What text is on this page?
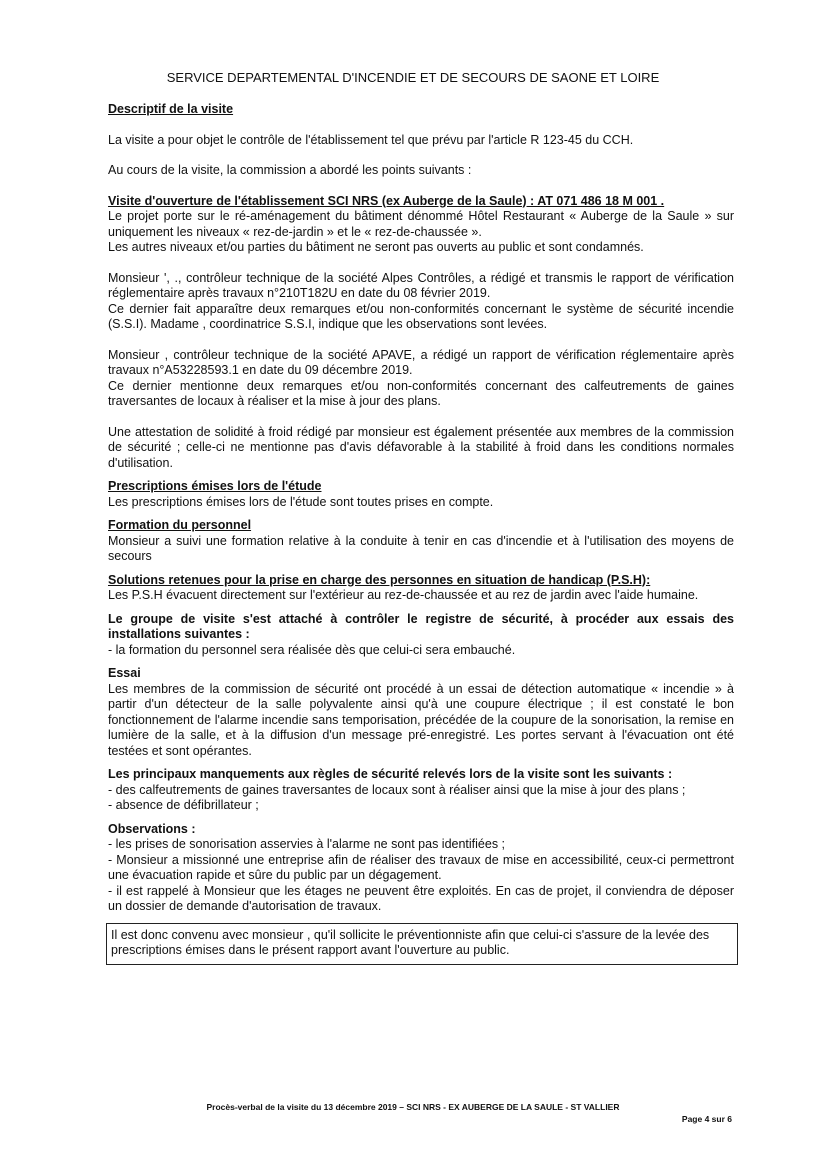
SERVICE DEPARTEMENTAL D'INCENDIE ET DE SECOURS DE SAONE ET LOIRE

Descriptif de la visite

La visite a pour objet le contrôle de l'établissement tel que prévu par l'article R 123-45 du CCH.

Au cours de la visite, la commission a abordé les points suivants :

Visite d'ouverture de l'établissement SCI NRS (ex Auberge de la Saule) : AT 071 486 18 M 001 .

Le projet porte sur le ré-aménagement du bâtiment dénommé Hôtel Restaurant « Auberge de la Saule » sur uniquement les niveaux « rez-de-jardin » et le « rez-de-chaussée ».

Les autres niveaux et/ou parties du bâtiment ne seront pas ouverts au public et sont condamnés.

Monsieur ', ., contrôleur technique de la société Alpes Contrôles, a rédigé et transmis le rapport de vérification réglementaire après travaux n°210T182U en date du 08 février 2019.

Ce dernier fait apparaître deux remarques et/ou non-conformités concernant le système de sécurité incendie (S.S.I). Madame , coordinatrice S.S.I, indique que les observations sont levées.

Monsieur , contrôleur technique de la société APAVE, a rédigé un rapport de vérification réglementaire après travaux n°A53228593.1 en date du 09 décembre 2019.

Ce dernier mentionne deux remarques et/ou non-conformités concernant des calfeutrements de gaines traversantes de locaux à réaliser et la mise à jour des plans.

Une attestation de solidité à froid rédigé par monsieur est également présentée aux membres de la commission de sécurité ; celle-ci ne mentionne pas d'avis défavorable à la stabilité à froid dans les conditions normales d'utilisation.

Prescriptions émises lors de l'étude

Les prescriptions émises lors de l'étude sont toutes prises en compte.

Formation du personnel

Monsieur a suivi une formation relative à la conduite à tenir en cas d'incendie et à l'utilisation des moyens de secours

Solutions retenues pour la prise en charge des personnes en situation de handicap (P.S.H):

Les P.S.H évacuent directement sur l'extérieur au rez-de-chaussée et au rez de jardin avec l'aide humaine.

Le groupe de visite s'est attaché à contrôler le registre de sécurité, à procéder aux essais des installations suivantes :

- la formation du personnel sera réalisée dès que celui-ci sera embauché.

Essai

Les membres de la commission de sécurité ont procédé à un essai de détection automatique « incendie » à partir d'un détecteur de la salle polyvalente ainsi qu'à une coupure électrique ; il est constaté le bon fonctionnement de l'alarme incendie sans temporisation, précédée de la coupure de la sonorisation, la remise en lumière de la salle, et à la diffusion d'un message pré-enregistré. Les portes servant à l'évacuation ont été testées et sont opérantes.

Les principaux manquements aux règles de sécurité relevés lors de la visite sont les suivants :

- des calfeutrements de gaines traversantes de locaux sont à réaliser ainsi que la mise à jour des plans ;

- absence de défibrillateur ;

Observations :

- les prises de sonorisation asservies à l'alarme ne sont pas identifiées ;

- Monsieur a missionné une entreprise afin de réaliser des travaux de mise en accessibilité, ceux-ci permettront une évacuation rapide et sûre du public par un dégagement.

- il est rappelé à Monsieur que les étages ne peuvent être exploités. En cas de projet, il conviendra de déposer un dossier de demande d'autorisation de travaux.

Il est donc convenu avec monsieur , qu'il sollicite le préventionniste afin que celui-ci s'assure de la levée des prescriptions émises dans le présent rapport avant l'ouverture au public.

Procès-verbal de la visite du 13 décembre 2019 – SCI NRS - EX AUBERGE DE LA SAULE - ST VALLIER
Page 4 sur 6
